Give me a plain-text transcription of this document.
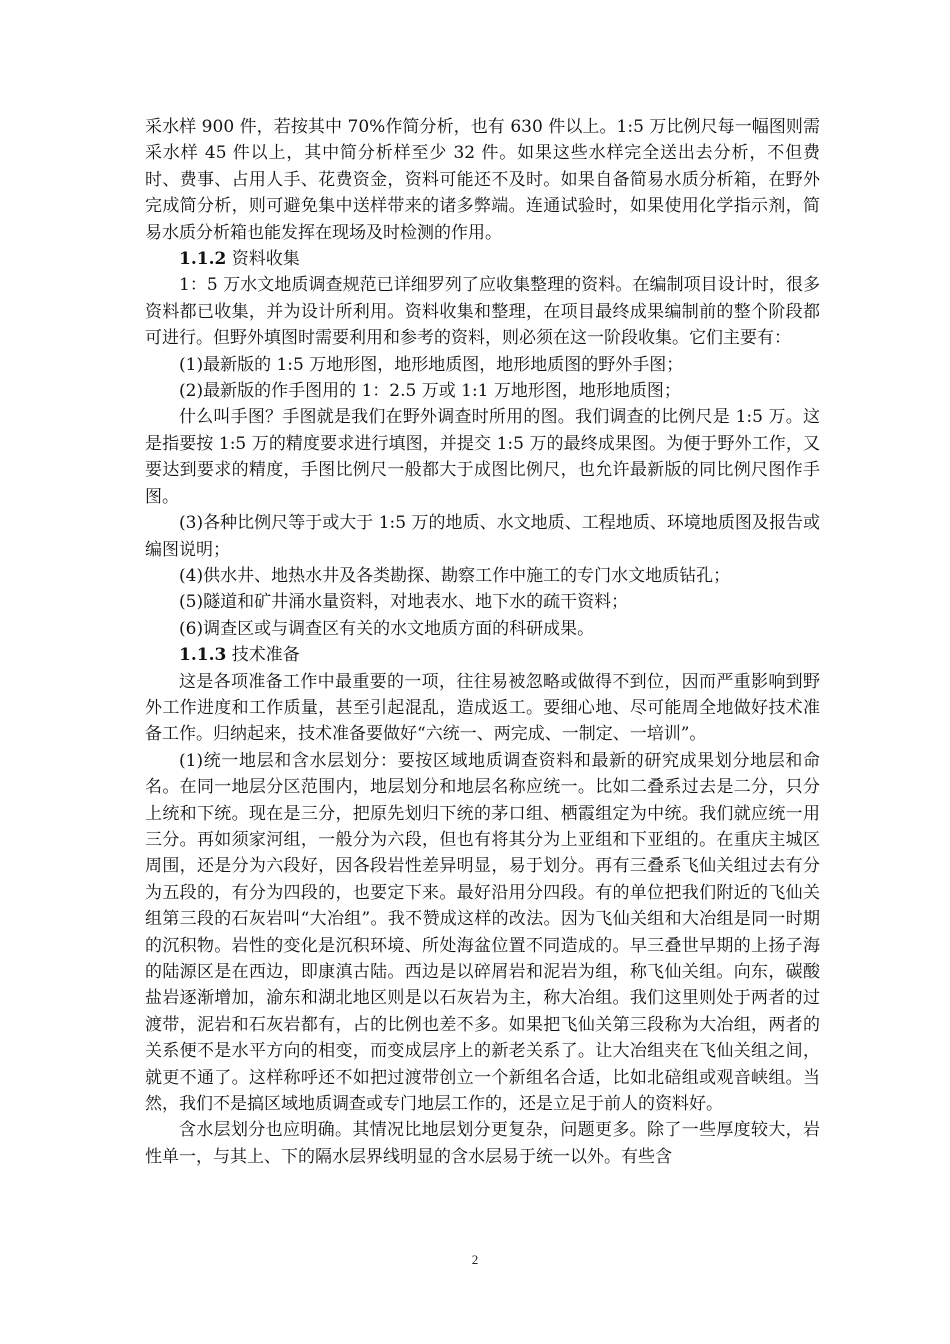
采水样 900 件，若按其中 70%作简分析，也有 630 件以上。1:5 万比例尺每一幅图则需采水样 45 件以上，其中简分析样至少 32 件。如果这些水样完全送出去分析，不但费时、费事、占用人手、花费资金，资料可能还不及时。如果自备简易水质分析箱，在野外完成简分析，则可避免集中送样带来的诸多弊端。连通试验时，如果使用化学指示剂，简易水质分析箱也能发挥在现场及时检测的作用。

1.1.2 资料收集

1：5 万水文地质调查规范已详细罗列了应收集整理的资料。在编制项目设计时，很多资料都已收集，并为设计所利用。资料收集和整理，在项目最终成果编制前的整个阶段都可进行。但野外填图时需要利用和参考的资料，则必须在这一阶段收集。它们主要有：

(1)最新版的 1:5 万地形图，地形地质图，地形地质图的野外手图；

(2)最新版的作手图用的 1：2.5 万或 1:1 万地形图，地形地质图；

什么叫手图？手图就是我们在野外调查时所用的图。我们调查的比例尺是 1:5 万。这是指要按 1:5 万的精度要求进行填图，并提交 1:5 万的最终成果图。为便于野外工作，又要达到要求的精度，手图比例尺一般都大于成图比例尺，也允许最新版的同比例尺图作手图。

(3)各种比例尺等于或大于 1:5 万的地质、水文地质、工程地质、环境地质图及报告或编图说明；

(4)供水井、地热水井及各类勘探、勘察工作中施工的专门水文地质钻孔；

(5)隧道和矿井涌水量资料，对地表水、地下水的疏干资料；

(6)调查区或与调查区有关的水文地质方面的科研成果。

1.1.3 技术准备

这是各项准备工作中最重要的一项，往往易被忽略或做得不到位，因而严重影响到野外工作进度和工作质量，甚至引起混乱，造成返工。要细心地、尽可能周全地做好技术准备工作。归纳起来，技术准备要做好“六统一、两完成、一制定、一培训”。

(1)统一地层和含水层划分：要按区域地质调查资料和最新的研究成果划分地层和命名。在同一地层分区范围内，地层划分和地层名称应统一。比如二叠系过去是二分，只分上统和下统。现在是三分，把原先划归下统的茅口组、栖霞组定为中统。我们就应统一用三分。再如须家河组，一般分为六段，但也有将其分为上亚组和下亚组的。在重庆主城区周围，还是分为六段好，因各段岩性差异明显，易于划分。再有三叠系飞仙关组过去有分为五段的，有分为四段的，也要定下来。最好沿用分四段。有的单位把我们附近的飞仙关组第三段的石灰岩叫“大冶组”。我不赞成这样的改法。因为飞仙关组和大冶组是同一时期的沉积物。岩性的变化是沉积环境、所处海盆位置不同造成的。早三叠世早期的上扬子海的陆源区是在西边，即康滇古陆。西边是以碎屑岩和泥岩为组，称飞仙关组。向东，碳酸盐岩逐渐增加，渝东和湖北地区则是以石灰岩为主，称大冶组。我们这里则处于两者的过渡带，泥岩和石灰岩都有，占的比例也差不多。如果把飞仙关第三段称为大冶组，两者的关系便不是水平方向的相变，而变成层序上的新老关系了。让大冶组夹在飞仙关组之间，就更不通了。这样称呼还不如把过渡带创立一个新组名合适，比如北碚组或观音峡组。当然，我们不是搞区域地质调查或专门地层工作的，还是立足于前人的资料好。

含水层划分也应明确。其情况比地层划分更复杂，问题更多。除了一些厚度较大，岩性单一，与其上、下的隔水层界线明显的含水层易于统一以外。有些含

2
